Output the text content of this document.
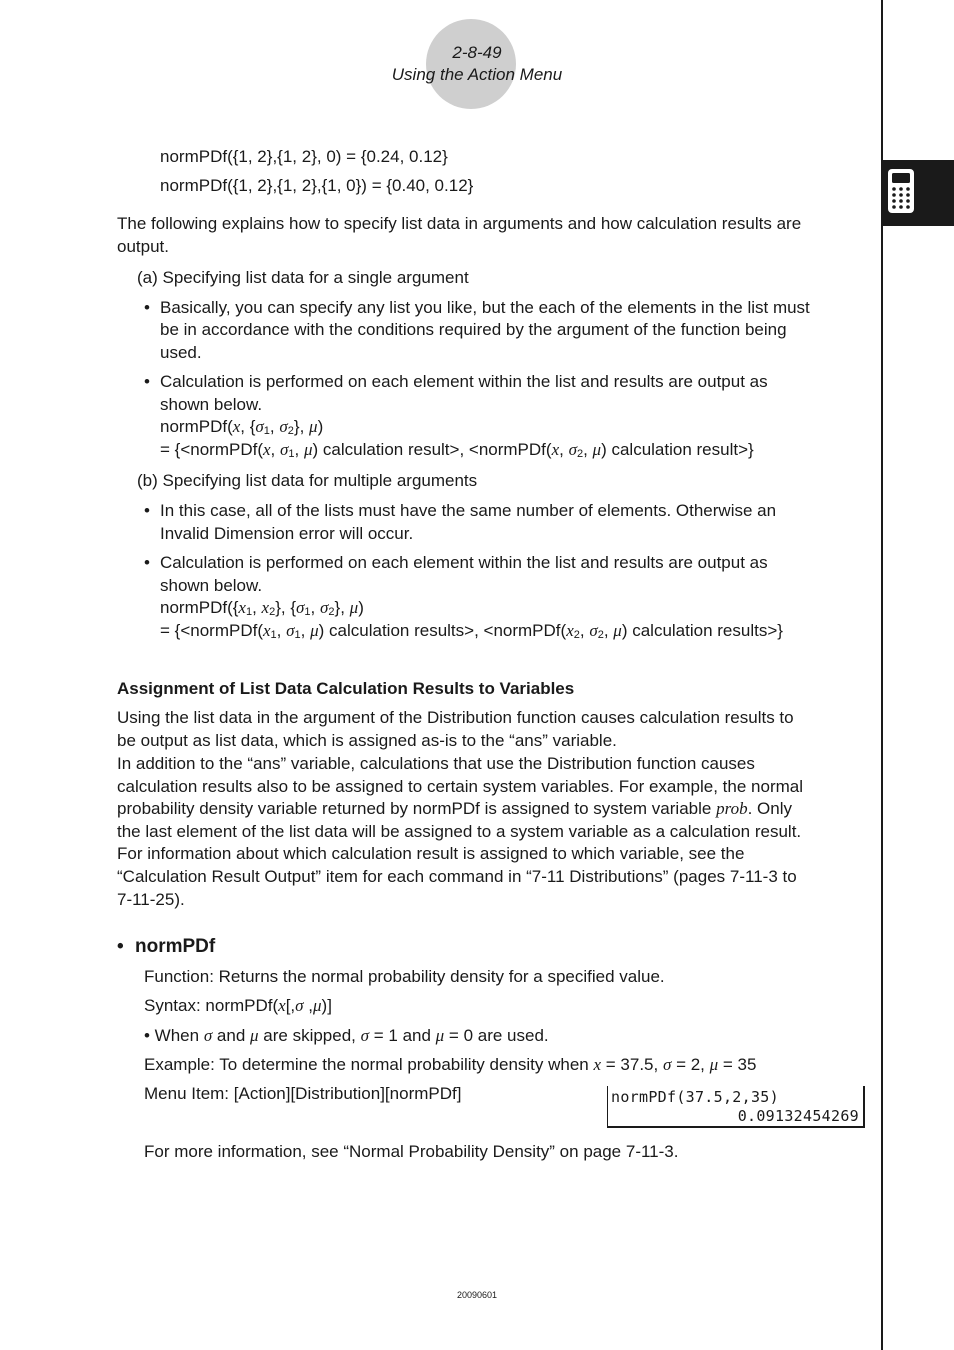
2-8-49
Using the Action Menu
normPDf({1, 2},{1, 2}, 0) = {0.24, 0.12}
normPDf({1, 2},{1, 2},{1, 0}) = {0.40, 0.12}
The following explains how to specify list data in arguments and how calculation results are
output.
(a) Specifying list data for a single argument
• Basically, you can specify any list you like, but the each of the elements in the list must
be in accordance with the conditions required by the argument of the function being
used.
• Calculation is performed on each element within the list and results are output as
shown below.
normPDf(x, {σ1, σ2}, μ)
= {<normPDf(x, σ1, μ) calculation result>, <normPDf(x, σ2, μ) calculation result>}
(b) Specifying list data for multiple arguments
• In this case, all of the lists must have the same number of elements. Otherwise an
Invalid Dimension error will occur.
• Calculation is performed on each element within the list and results are output as
shown below.
normPDf({x1, x2}, {σ1, σ2}, μ)
= {<normPDf(x1, σ1, μ) calculation results>, <normPDf(x2, σ2, μ) calculation results>}
Assignment of List Data Calculation Results to Variables
Using the list data in the argument of the Distribution function causes calculation results to
be output as list data, which is assigned as-is to the “ans” variable.
In addition to the “ans” variable, calculations that use the Distribution function causes
calculation results also to be assigned to certain system variables. For example, the normal
probability density variable returned by normPDf is assigned to system variable prob. Only
the last element of the list data will be assigned to a system variable as a calculation result.
For information about which calculation result is assigned to which variable, see the
“Calculation Result Output” item for each command in “7-11 Distributions” (pages 7-11-3 to
7-11-25).
• normPDf
Function: Returns the normal probability density for a specified value.
Syntax: normPDf(x[,σ ,μ)]
• When σ and μ are skipped, σ = 1 and μ = 0 are used.
Example: To determine the normal probability density when x = 37.5, σ = 2, μ = 35
Menu Item: [Action][Distribution][normPDf]	normPDf(37.5,2,35)
0.09132454269
For more information, see “Normal Probability Density” on page 7-11-3.
20090601
